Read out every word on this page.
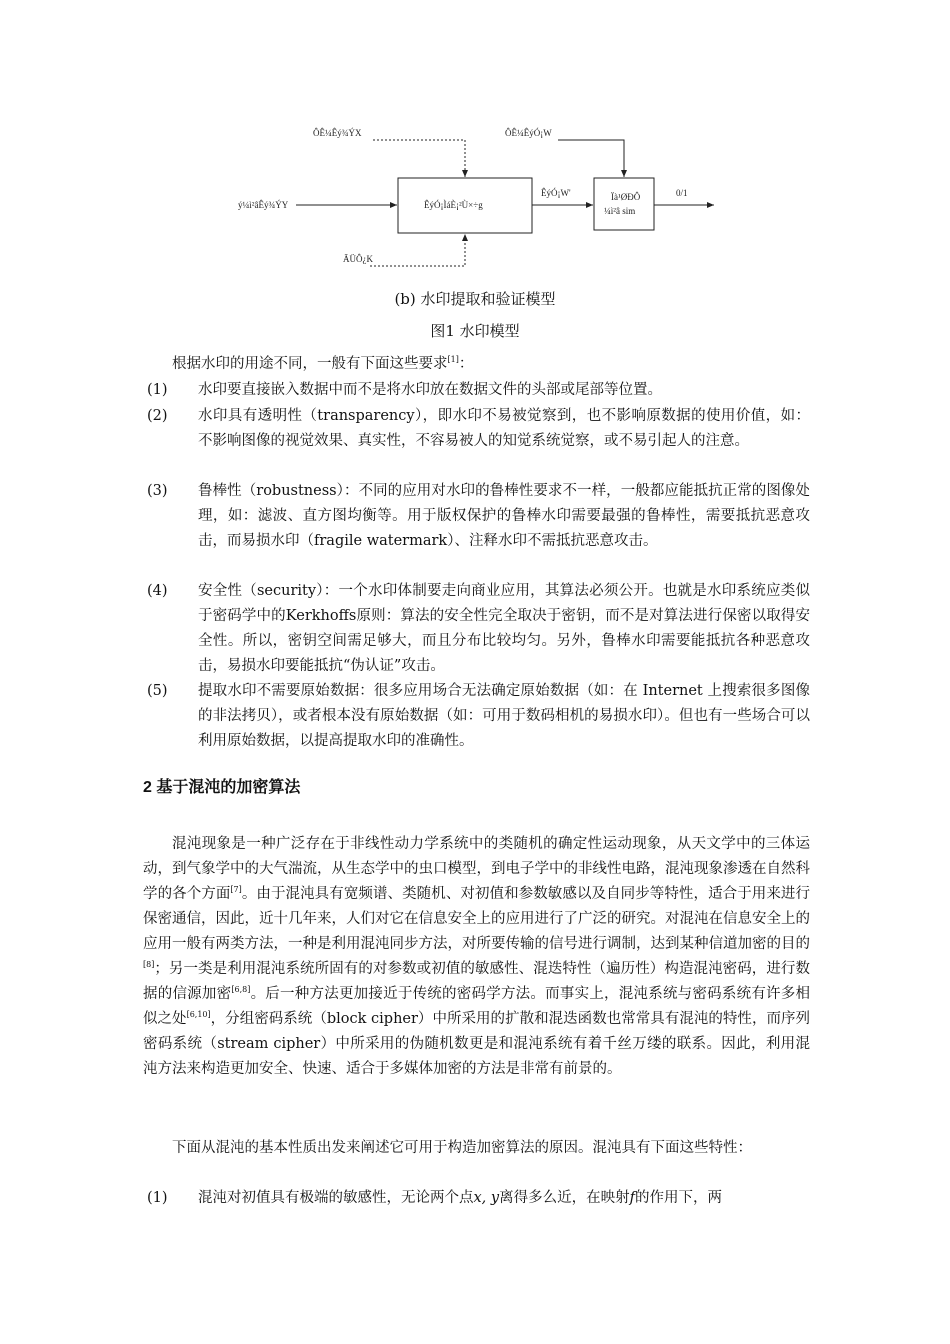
ÔÊ¼Êý¾ÝX	ÔÊ¼ÊýÓ¡W
ý¼ì²âÊý¾ÝY	ÊýÓ¡ÌáÈ¡²Ù×÷g
ÊýÓ¡W'	Ïà¹ØÐÔ
¼ì²â sim
0/1
ÃÜÔ¿K
(b) 水印提取和验证模型
图1 水印模型
根据水印的用途不同，一般有下面这些要求[1]：
(1) 水印要直接嵌入数据中而不是将水印放在数据文件的头部或尾部等位置。
(2) 水印具有透明性（transparency），即水印不易被觉察到，也不影响原数据的使用价值，如：不影响图像的视觉效果、真实性，不容易被人的知觉系统觉察，或不易引起人的注意。
(3) 鲁棒性（robustness）：不同的应用对水印的鲁棒性要求不一样，一般都应能抵抗正常的图像处理，如：滤波、直方图均衡等。用于版权保护的鲁棒水印需要最强的鲁棒性，需要抵抗恶意攻击，而易损水印（fragile watermark）、注释水印不需抵抗恶意攻击。
(4) 安全性（security）：一个水印体制要走向商业应用，其算法必须公开。也就是水印系统应类似于密码学中的Kerkhoffs原则：算法的安全性完全取决于密钥，而不是对算法进行保密以取得安全性。所以，密钥空间需足够大，而且分布比较均匀。另外，鲁棒水印需要能抵抗各种恶意攻击，易损水印要能抵抗“伪认证”攻击。
(5) 提取水印不需要原始数据：很多应用场合无法确定原始数据（如：在 Internet 上搜索很多图像的非法拷贝），或者根本没有原始数据（如：可用于数码相机的易损水印）。但也有一些场合可以利用原始数据，以提高提取水印的准确性。
2 基于混沌的加密算法
混沌现象是一种广泛存在于非线性动力学系统中的类随机的确定性运动现象，从天文学中的三体运动，到气象学中的大气湍流，从生态学中的虫口模型，到电子学中的非线性电路，混沌现象渗透在自然科学的各个方面[7]。由于混沌具有宽频谱、类随机、对初值和参数敏感以及自同步等特性，适合于用来进行保密通信，因此，近十几年来，人们对它在信息安全上的应用进行了广泛的研究。对混沌在信息安全上的应用一般有两类方法，一种是利用混沌同步方法，对所要传输的信号进行调制，达到某种信道加密的目的[8]；另一类是利用混沌系统所固有的对参数或初值的敏感性、混迭特性（遍历性）构造混沌密码，进行数据的信源加密[6,8]。后一种方法更加接近于传统的密码学方法。而事实上，混沌系统与密码系统有许多相似之处[6,10]，分组密码系统（block cipher）中所采用的扩散和混迭函数也常常具有混沌的特性，而序列密码系统（stream cipher）中所采用的伪随机数更是和混沌系统有着千丝万缕的联系。因此，利用混沌方法来构造更加安全、快速、适合于多媒体加密的方法是非常有前景的。
下面从混沌的基本性质出发来阐述它可用于构造加密算法的原因。混沌具有下面这些特性：
(1) 混沌对初值具有极端的敏感性，无论两个点x, y离得多么近，在映射f的作用下，两
